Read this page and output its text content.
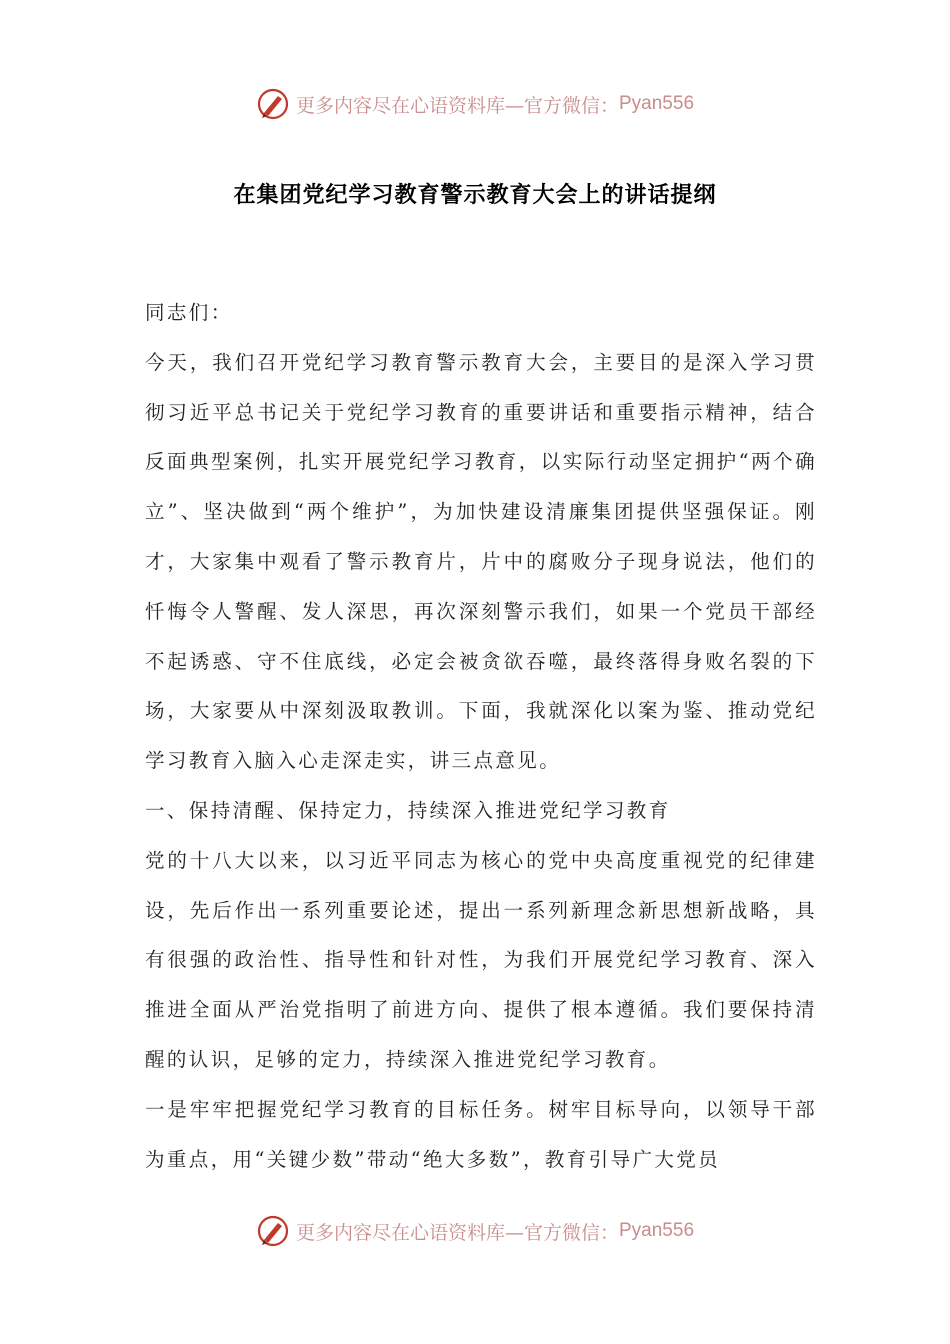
更多内容尽在心语资料库—官方微信： Pyan556
在集团党纪学习教育警示教育大会上的讲话提纲

同志们：

今天，我们召开党纪学习教育警示教育大会，主要目的是深入学习贯彻习近平总书记关于党纪学习教育的重要讲话和重要指示精神，结合反面典型案例，扎实开展党纪学习教育，以实际行动坚定拥护“两个确立”、坚决做到“两个维护”，为加快建设清廉集团提供坚强保证。刚才，大家集中观看了警示教育片，片中的腐败分子现身说法，他们的忏悔令人警醒、发人深思，再次深刻警示我们，如果一个党员干部经不起诱惑、守不住底线，必定会被贪欲吞噬，最终落得身败名裂的下场，大家要从中深刻汲取教训。下面，我就深化以案为鉴、推动党纪学习教育入脑入心走深走实，讲三点意见。

一、保持清醒、保持定力，持续深入推进党纪学习教育

党的十八大以来，以习近平同志为核心的党中央高度重视党的纪律建设，先后作出一系列重要论述，提出一系列新理念新思想新战略，具有很强的政治性、指导性和针对性，为我们开展党纪学习教育、深入推进全面从严治党指明了前进方向、提供了根本遵循。我们要保持清醒的认识，足够的定力，持续深入推进党纪学习教育。

一是牢牢把握党纪学习教育的目标任务。树牢目标导向，以领导干部为重点，用“关键少数”带动“绝大多数”，教育引导广大党员

更多内容尽在心语资料库—官方微信： Pyan556
